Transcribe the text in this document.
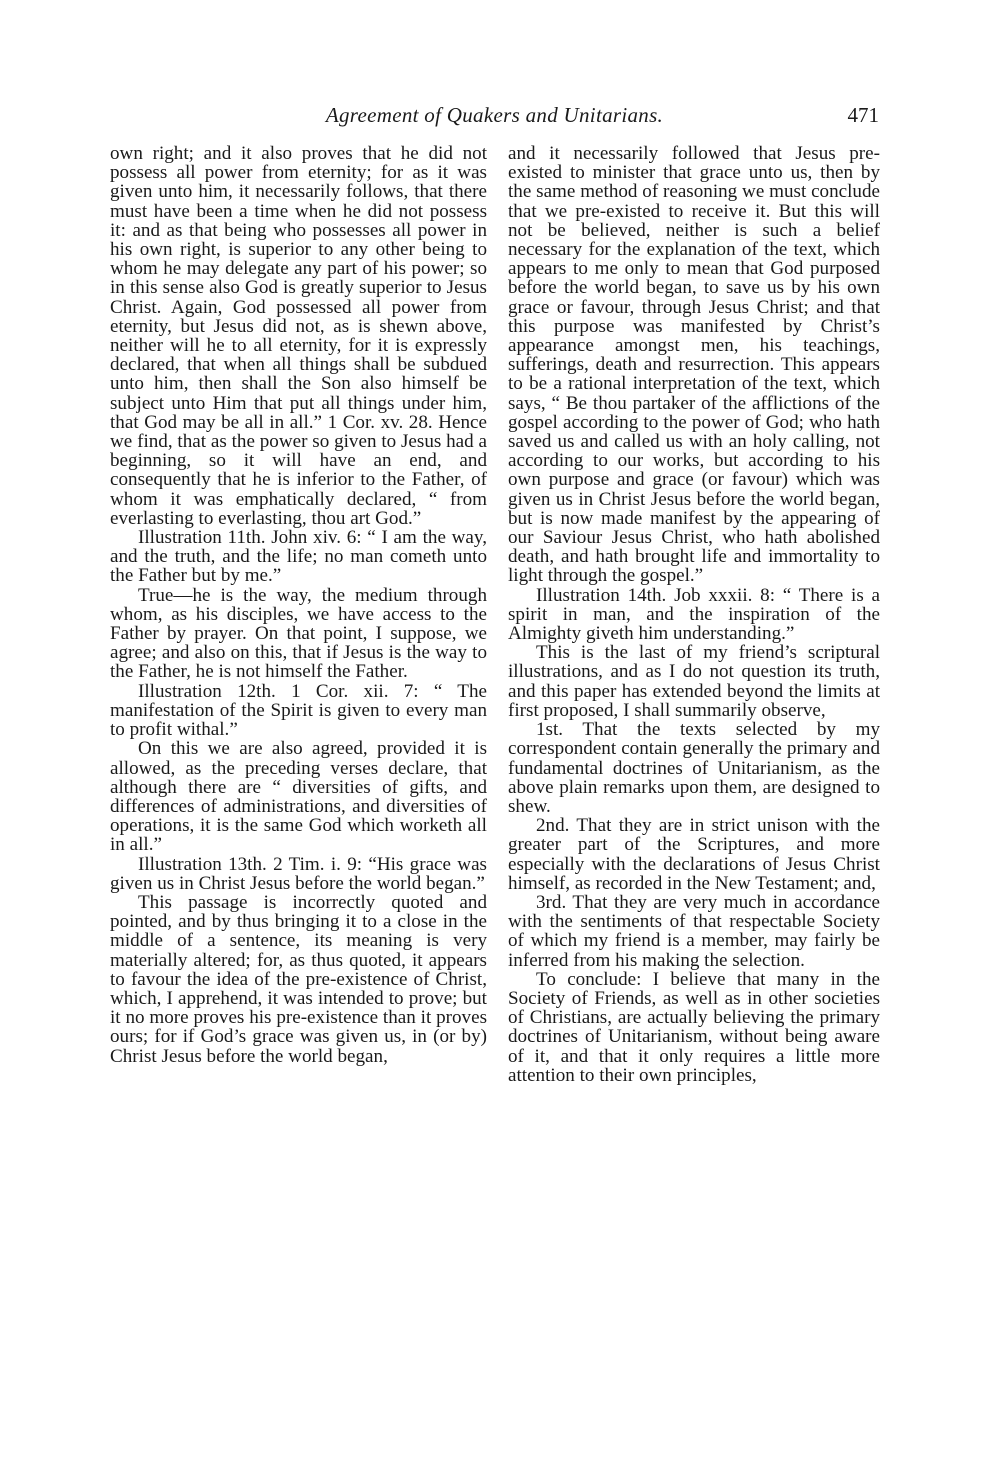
Agreement of Quakers and Unitarians.	471

own right; and it also proves that he did not possess all power from eternity; for as it was given unto him, it necessarily follows, that there must have been a time when he did not possess it: and as that being who possesses all power in his own right, is superior to any other being to whom he may delegate any part of his power; so in this sense also God is greatly superior to Jesus Christ. Again, God possessed all power from eternity, but Jesus did not, as is shewn above, neither will he to all eternity, for it is expressly declared, that when all things shall be subdued unto him, then shall the Son also himself be subject unto Him that put all things under him, that God may be all in all.” 1 Cor. xv. 28. Hence we find, that as the power so given to Jesus had a beginning, so it will have an end, and consequently that he is inferior to the Father, of whom it was emphatically declared, “ from everlasting to everlasting, thou art God.”

Illustration 11th. John xiv. 6: “ I am the way, and the truth, and the life; no man cometh unto the Father but by me.”

True—he is the way, the medium through whom, as his disciples, we have access to the Father by prayer. On that point, I suppose, we agree; and also on this, that if Jesus is the way to the Father, he is not himself the Father.

Illustration 12th. 1 Cor. xii. 7: “ The manifestation of the Spirit is given to every man to profit withal.”

On this we are also agreed, provided it is allowed, as the preceding verses declare, that although there are “ diversities of gifts, and differences of administrations, and diversities of operations, it is the same God which worketh all in all.”

Illustration 13th. 2 Tim. i. 9: “His grace was given us in Christ Jesus before the world began.”

This passage is incorrectly quoted and pointed, and by thus bringing it to a close in the middle of a sentence, its meaning is very materially altered; for, as thus quoted, it appears to favour the idea of the pre-existence of Christ, which, I apprehend, it was intended to prove; but it no more proves his pre-existence than it proves ours; for if God’s grace was given us, in (or by) Christ Jesus before the world began,

and it necessarily followed that Jesus pre-existed to minister that grace unto us, then by the same method of reasoning we must conclude that we pre-existed to receive it. But this will not be believed, neither is such a belief necessary for the explanation of the text, which appears to me only to mean that God purposed before the world began, to save us by his own grace or favour, through Jesus Christ; and that this purpose was manifested by Christ’s appearance amongst men, his teachings, sufferings, death and resurrection. This appears to be a rational interpretation of the text, which says, “ Be thou partaker of the afflictions of the gospel according to the power of God; who hath saved us and called us with an holy calling, not according to our works, but according to his own purpose and grace (or favour) which was given us in Christ Jesus before the world began, but is now made manifest by the appearing of our Saviour Jesus Christ, who hath abolished death, and hath brought life and immortality to light through the gospel.”

Illustration 14th. Job xxxii. 8: “ There is a spirit in man, and the inspiration of the Almighty giveth him understanding.”

This is the last of my friend’s scriptural illustrations, and as I do not question its truth, and this paper has extended beyond the limits at first proposed, I shall summarily observe,

1st. That the texts selected by my correspondent contain generally the primary and fundamental doctrines of Unitarianism, as the above plain remarks upon them, are designed to shew.

2nd. That they are in strict unison with the greater part of the Scriptures, and more especially with the declarations of Jesus Christ himself, as recorded in the New Testament; and,

3rd. That they are very much in accordance with the sentiments of that respectable Society of which my friend is a member, may fairly be inferred from his making the selection.

To conclude: I believe that many in the Society of Friends, as well as in other societies of Christians, are actually believing the primary doctrines of Unitarianism, without being aware of it, and that it only requires a little more attention to their own principles,
